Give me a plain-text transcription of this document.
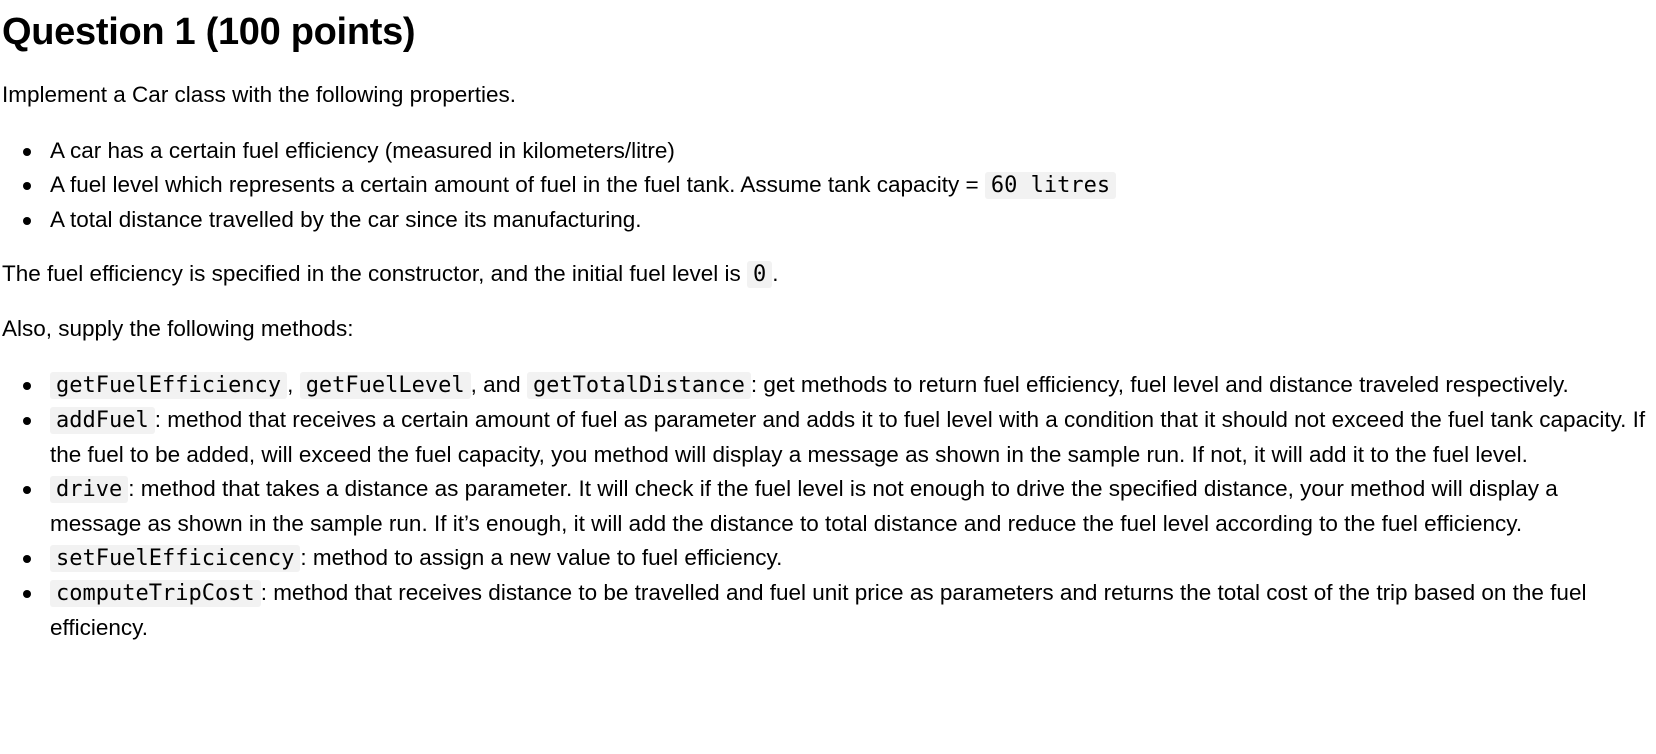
Question 1 (100 points)

Implement a Car class with the following properties.

A car has a certain fuel efficiency (measured in kilometers/litre)
A fuel level which represents a certain amount of fuel in the fuel tank. Assume tank capacity = 60 litres
A total distance travelled by the car since its manufacturing.

The fuel efficiency is specified in the constructor, and the initial fuel level is 0 .

Also, supply the following methods:

getFuelEfficiency , getFuelLevel , and getTotalDistance : get methods to return fuel efficiency, fuel level and distance traveled respectively.
addFuel : method that receives a certain amount of fuel as parameter and adds it to fuel level with a condition that it should not exceed the fuel tank capacity. If the fuel to be added, will exceed the fuel capacity, you method will display a message as shown in the sample run. If not, it will add it to the fuel level.
drive : method that takes a distance as parameter. It will check if the fuel level is not enough to drive the specified distance, your method will display a message as shown in the sample run. If it’s enough, it will add the distance to total distance and reduce the fuel level according to the fuel efficiency.
setFuelEfficicency : method to assign a new value to fuel efficiency.
computeTripCost : method that receives distance to be travelled and fuel unit price as parameters and returns the total cost of the trip based on the fuel efficiency.
